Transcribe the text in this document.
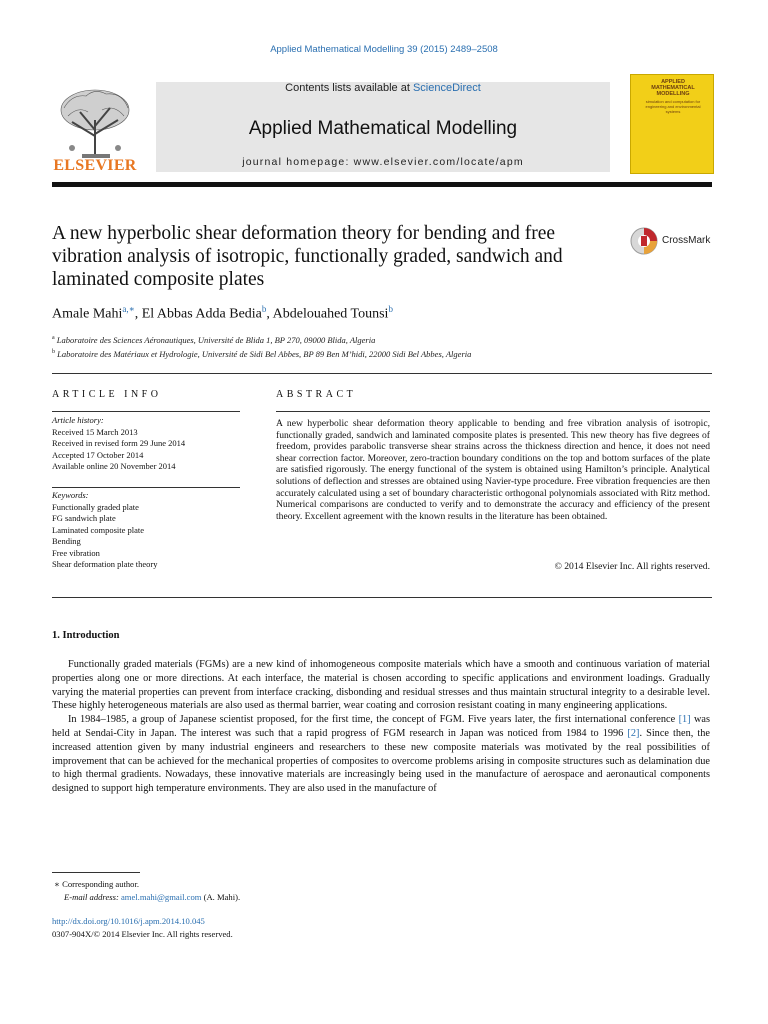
Applied Mathematical Modelling 39 (2015) 2489–2508
ELSEVIER
Contents lists available at ScienceDirect
Applied Mathematical Modelling
journal homepage: www.elsevier.com/locate/apm
APPLIED MATHEMATICAL MODELLING
simulation and computation for engineering and environmental systems
A new hyperbolic shear deformation theory for bending and free vibration analysis of isotropic, functionally graded, sandwich and laminated composite plates
CrossMark
Amale Mahi$^{a,∗}$, El Abbas Adda Bedia$^b$, Abdelouahed Tounsi$^b$
$^a$ Laboratoire des Sciences Aéronautiques, Université de Blida 1, BP 270, 09000 Blida, Algeria
$^b$ Laboratoire des Matériaux et Hydrologie, Université de Sidi Bel Abbes, BP 89 Ben M’hidi, 22000 Sidi Bel Abbes, Algeria
ARTICLE INFO	ABSTRACT
Article history:
Received 15 March 2013
Received in revised form 29 June 2014
Accepted 17 October 2014
Available online 20 November 2014
Keywords:
Functionally graded plate
FG sandwich plate
Laminated composite plate
Bending
Free vibration
Shear deformation plate theory
A new hyperbolic shear deformation theory applicable to bending and free vibration analysis of isotropic, functionally graded, sandwich and laminated composite plates is presented. This new theory has five degrees of freedom, provides parabolic transverse shear strains across the thickness direction and hence, it does not need shear correction factor. Moreover, zero-traction boundary conditions on the top and bottom surfaces of the plate are satisfied rigorously. The energy functional of the system is obtained using Hamilton’s principle. Analytical solutions of deflection and stresses are obtained using Navier-type procedure. Free vibration frequencies are then accurately calculated using a set of boundary characteristic orthogonal polynomials associated with Ritz method. Numerical comparisons are conducted to verify and to demonstrate the accuracy and efficiency of the present theory. Excellent agreement with the known results in the literature has been obtained.
© 2014 Elsevier Inc. All rights reserved.
1. Introduction

Functionally graded materials (FGMs) are a new kind of inhomogeneous composite materials which have a smooth and continuous variation of material properties along one or more directions. At each interface, the material is chosen according to specific applications and environment loadings. Gradually varying the material properties can prevent from interface cracking, disbonding and residual stresses and thus maintain structural integrity to a desirable level. These highly heterogeneous materials are also used as thermal barrier, wear coating and corrosion resistant coating in many engineering applications.

In 1984–1985, a group of Japanese scientist proposed, for the first time, the concept of FGM. Five years later, the first international conference [1] was held at Sendai-City in Japan. The interest was such that a rapid progress of FGM research in Japan was noticed from 1984 to 1996 [2]. Since then, the increased attention given by many industrial engineers and researchers to these new composite materials was motivated by the real possibilities of improvement that can be achieved for the mechanical properties of composites to overcome problems arising in composite structures such as delamination due to high thermal gradients. Nowadays, these innovative materials are increasingly being used in the manufacture of aerospace and aeronautical components designed to support high temperature environments. They are also used in the manufacture of

∗ Corresponding author.
E-mail address: amel.mahi@gmail.com (A. Mahi).
http://dx.doi.org/10.1016/j.apm.2014.10.045
0307-904X/© 2014 Elsevier Inc. All rights reserved.
